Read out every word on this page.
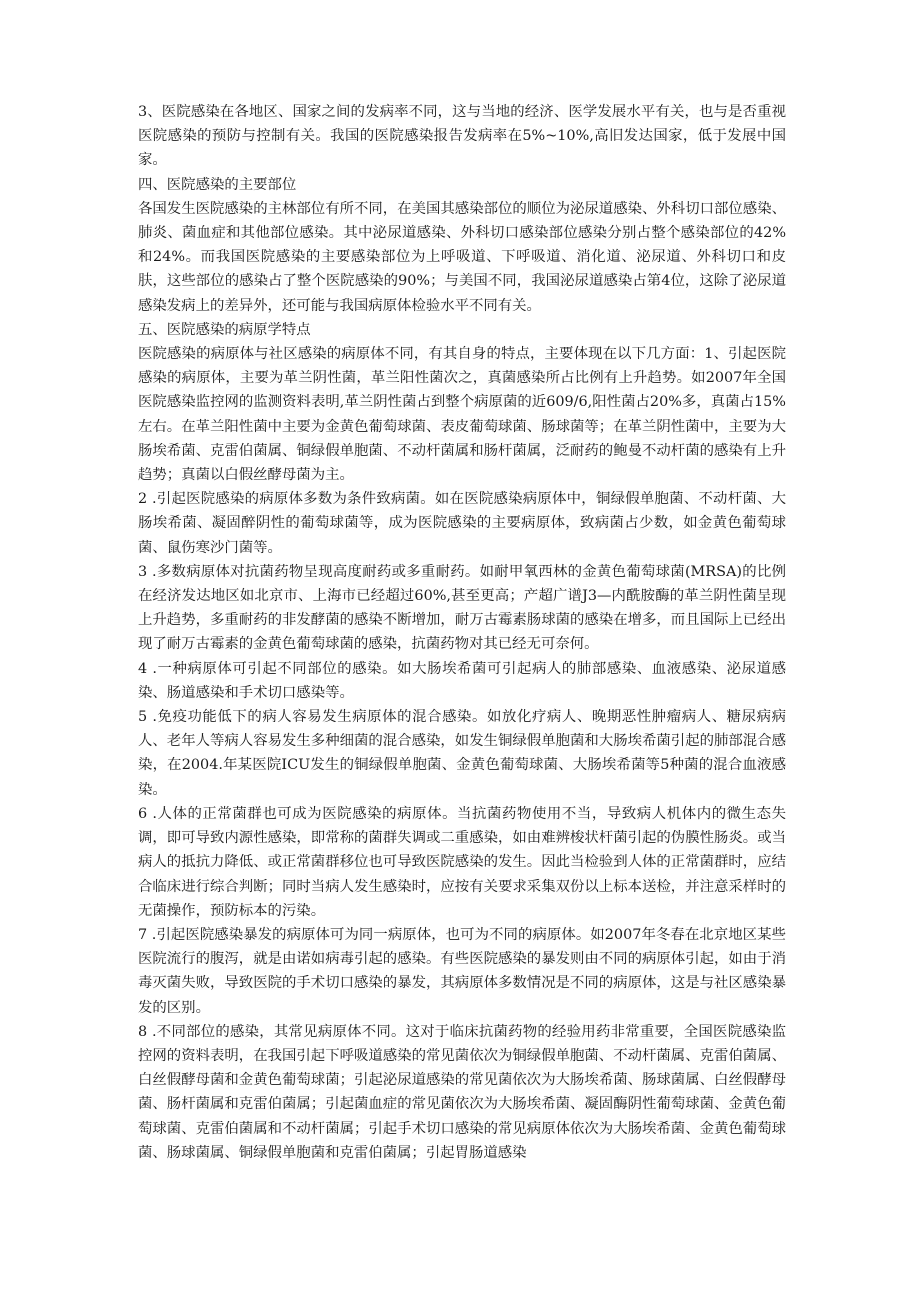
3、医院感染在各地区、国家之间的发病率不同，这与当地的经济、医学发展水平有关，也与是否重视医院感染的预防与控制有关。我国的医院感染报告发病率在5%~10%,高旧发达国家，低于发展中国家。

四、医院感染的主要部位

各国发生医院感染的主林部位有所不同，在美国其感染部位的顺位为泌尿道感染、外科切口部位感染、肺炎、菌血症和其他部位感染。其中泌尿道感染、外科切口感染部位感染分别占整个感染部位的42%和24%。而我国医院感染的主要感染部位为上呼吸道、下呼吸道、消化道、泌尿道、外科切口和皮肤，这些部位的感染占了整个医院感染的90%；与美国不同，我国泌尿道感染占第4位，这除了泌尿道感染发病上的差异外，还可能与我国病原体检验水平不同有关。

五、医院感染的病原学特点

医院感染的病原体与社区感染的病原体不同，有其自身的特点，主要体现在以下几方面：1、引起医院感染的病原体，主要为革兰阴性菌，革兰阳性菌次之，真菌感染所占比例有上升趋势。如2007年全国医院感染监控网的监测资料表明,革兰阴性菌占到整个病原菌的近609/6,阳性菌占20%多，真菌占15%左右。在革兰阳性菌中主要为金黄色葡萄球菌、表皮葡萄球菌、肠球菌等；在革兰阴性菌中，主要为大肠埃希菌、克雷伯菌属、铜绿假单胞菌、不动杆菌属和肠杆菌属，泛耐药的鲍曼不动杆菌的感染有上升趋势；真菌以白假丝酵母菌为主。

2 .引起医院感染的病原体多数为条件致病菌。如在医院感染病原体中，铜绿假单胞菌、不动杆菌、大肠埃希菌、凝固醉阴性的葡萄球菌等，成为医院感染的主要病原体，致病菌占少数，如金黄色葡萄球菌、鼠伤寒沙门菌等。

3 .多数病原体对抗菌药物呈现高度耐药或多重耐药。如耐甲氧西林的金黄色葡萄球菌(MRSA)的比例在经济发达地区如北京市、上海市已经超过60%,甚至更高；产超广谱J3—内酰胺酶的革兰阴性菌呈现上升趋势，多重耐药的非发酵菌的感染不断增加，耐万古霉素肠球菌的感染在增多，而且国际上已经出现了耐万古霉素的金黄色葡萄球菌的感染，抗菌药物对其已经无可奈何。

4 .一种病原体可引起不同部位的感染。如大肠埃希菌可引起病人的肺部感染、血液感染、泌尿道感染、肠道感染和手术切口感染等。

5 .免疫功能低下的病人容易发生病原体的混合感染。如放化疗病人、晚期恶性肿瘤病人、糖尿病病人、老年人等病人容易发生多种细菌的混合感染，如发生铜绿假单胞菌和大肠埃希菌引起的肺部混合感染，在2004.年某医院ICU发生的铜绿假单胞菌、金黄色葡萄球菌、大肠埃希菌等5种菌的混合血液感染。

6 .人体的正常菌群也可成为医院感染的病原体。当抗菌药物使用不当，导致病人机体内的微生态失调，即可导致内源性感染，即常称的菌群失调或二重感染，如由难辨梭状杆菌引起的伪膜性肠炎。或当病人的抵抗力降低、或正常菌群移位也可导致医院感染的发生。因此当检验到人体的正常菌群时，应结合临床进行综合判断；同时当病人发生感染时，应按有关要求采集双份以上标本送检，并注意采样时的无菌操作，预防标本的污染。

7 .引起医院感染暴发的病原体可为同一病原体，也可为不同的病原体。如2007年冬春在北京地区某些医院流行的腹泻，就是由诺如病毒引起的感染。有些医院感染的暴发则由不同的病原体引起，如由于消毒灭菌失败，导致医院的手术切口感染的暴发，其病原体多数情况是不同的病原体，这是与社区感染暴发的区别。

8 .不同部位的感染，其常见病原体不同。这对于临床抗菌药物的经验用药非常重要，全国医院感染监控网的资料表明，在我国引起下呼吸道感染的常见菌依次为铜绿假单胞菌、不动杆菌属、克雷伯菌属、白丝假酵母菌和金黄色葡萄球菌；引起泌尿道感染的常见菌依次为大肠埃希菌、肠球菌属、白丝假酵母菌、肠杆菌属和克雷伯菌属；引起菌血症的常见菌依次为大肠埃希菌、凝固酶阴性葡萄球菌、金黄色葡萄球菌、克雷伯菌属和不动杆菌属；引起手术切口感染的常见病原体依次为大肠埃希菌、金黄色葡萄球菌、肠球菌属、铜绿假单胞菌和克雷伯菌属；引起胃肠道感染
